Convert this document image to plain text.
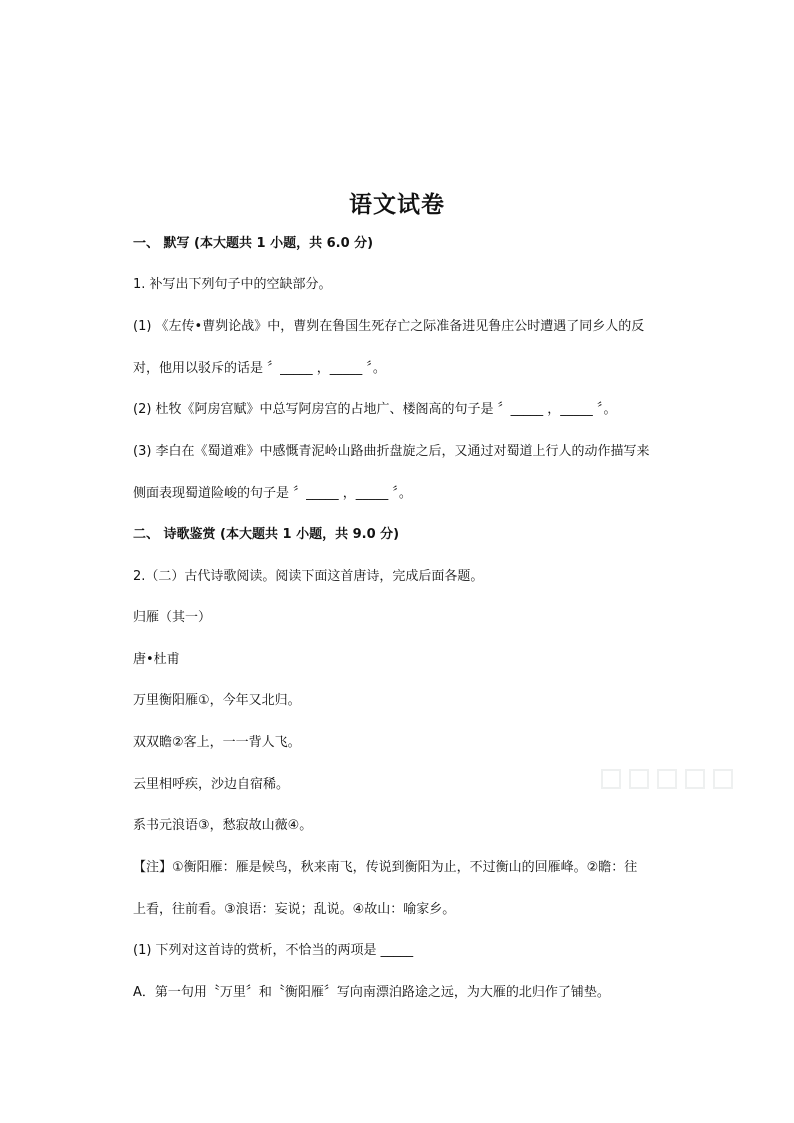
语文试卷
一、 默写 (本大题共 1 小题，共 6.0 分)
1. 补写出下列句子中的空缺部分。
(1) 《左传•曹刿论战》中，曹刿在鲁国生死存亡之际准备进见鲁庄公时遭遇了同乡人的反
对，他用以驳斥的话是 〞_____ ，_____ 〞。
(2) 杜牧《阿房宫赋》中总写阿房宫的占地广、楼阁高的句子是 〞_____ ，_____ 〞。
(3) 李白在《蜀道难》中感慨青泥岭山路曲折盘旋之后，又通过对蜀道上行人的动作描写来
侧面表现蜀道险峻的句子是 〞_____ ，_____ 〞。
二、 诗歌鉴赏 (本大题共 1 小题，共 9.0 分)
2.（二）古代诗歌阅读。阅读下面这首唐诗，完成后面各题。
归雁（其一）
唐•杜甫
万里衡阳雁①，今年又北归。
双双瞻②客上，一一背人飞。
云里相呼疾，沙边自宿稀。
系书元浪语③，愁寂故山薇④。
【注】①衡阳雁：雁是候鸟，秋来南飞，传说到衡阳为止，不过衡山的回雁峰。②瞻：往
上看，往前看。③浪语：妄说；乱说。④故山：喻家乡。
(1) 下列对这首诗的赏析，不恰当的两项是 _____
A．第一句用〝万里〞和〝衡阳雁〞写向南漂泊路途之远，为大雁的北归作了铺垫。
